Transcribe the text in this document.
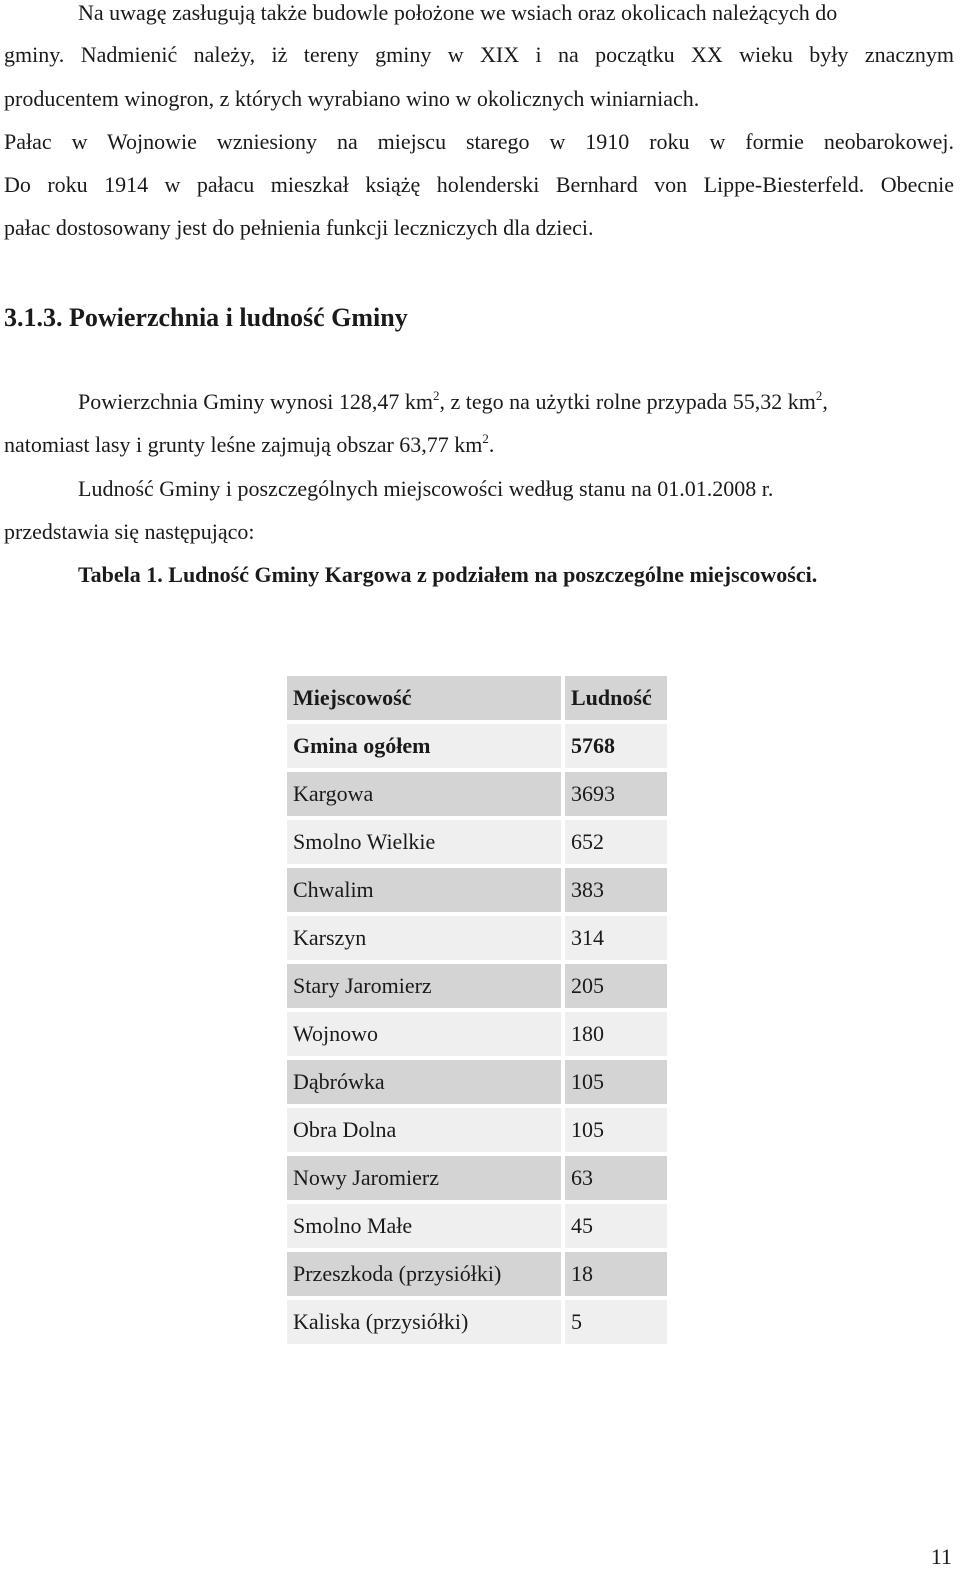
Na uwagę zasługują także budowle położone we wsiach oraz okolicach należących do
gminy. Nadmienić należy, iż tereny gminy w XIX i na początku XX wieku były znacznym
producentem winogron, z których wyrabiano wino w okolicznych winiarniach.
Pałac w Wojnowie wzniesiony na miejscu starego w 1910 roku w formie neobarokowej.
Do roku 1914 w pałacu mieszkał książę holenderski Bernhard von Lippe-Biesterfeld. Obecnie
pałac dostosowany jest do pełnienia funkcji leczniczych dla dzieci.
3.1.3. Powierzchnia i ludność Gminy
Powierzchnia Gminy wynosi 128,47 $km^2$, z tego na użytki rolne przypada 55,32 $km^2$,
natomiast lasy i grunty leśne zajmują obszar 63,77 $km^2$.
Ludność Gminy i poszczególnych miejscowości według stanu na 01.01.2008 r.
przedstawia się następująco:
Tabela 1. Ludność Gminy Kargowa z podziałem na poszczególne miejscowości.
Miejscowość	Ludność
Gmina ogółem	5768
Kargowa	3693
Smolno Wielkie	652
Chwalim	383
Karszyn	314
Stary Jaromierz	205
Wojnowo	180
Dąbrówka	105
Obra Dolna	105
Nowy Jaromierz	63
Smolno Małe	45
Przeszkoda (przysiółki)	18
Kaliska (przysiółki)	5
11
